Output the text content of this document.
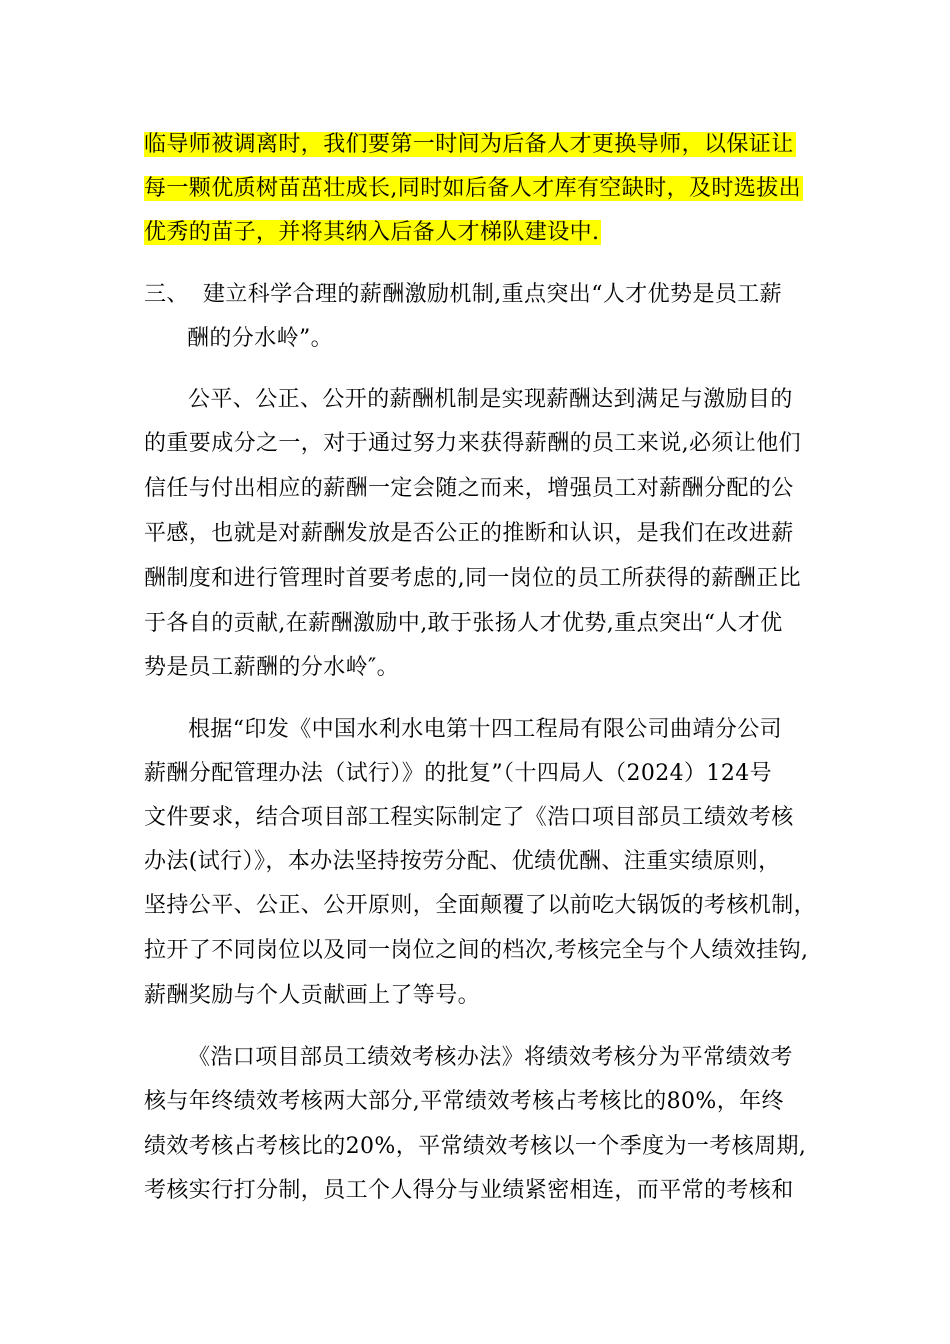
临导师被调离时，我们要第一时间为后备人才更换导师，以保证让
每一颗优质树苗茁壮成长,同时如后备人才库有空缺时，及时选拔出
优秀的苗子，并将其纳入后备人才梯队建设中.
三、 建立科学合理的薪酬激励机制,重点突出“人才优势是员工薪
酬的分水岭”。
公平、公正、公开的薪酬机制是实现薪酬达到满足与激励目的
的重要成分之一，对于通过努力来获得薪酬的员工来说,必须让他们
信任与付出相应的薪酬一定会随之而来，增强员工对薪酬分配的公
平感，也就是对薪酬发放是否公正的推断和认识，是我们在改进薪
酬制度和进行管理时首要考虑的,同一岗位的员工所获得的薪酬正比
于各自的贡献,在薪酬激励中,敢于张扬人才优势,重点突出“人才优
势是员工薪酬的分水岭″。
根据“印发《中国水利水电第十四工程局有限公司曲靖分公司
薪酬分配管理办法（试行）》的批复”（十四局人（2024）124号
文件要求，结合项目部工程实际制定了《浩口项目部员工绩效考核
办法(试行）》，本办法坚持按劳分配、优绩优酬、注重实绩原则，
坚持公平、公正、公开原则，全面颠覆了以前吃大锅饭的考核机制，
拉开了不同岗位以及同一岗位之间的档次,考核完全与个人绩效挂钩,
薪酬奖励与个人贡献画上了等号。
《浩口项目部员工绩效考核办法》将绩效考核分为平常绩效考
核与年终绩效考核两大部分,平常绩效考核占考核比的80%，年终
绩效考核占考核比的20%，平常绩效考核以一个季度为一考核周期,
考核实行打分制，员工个人得分与业绩紧密相连，而平常的考核和
